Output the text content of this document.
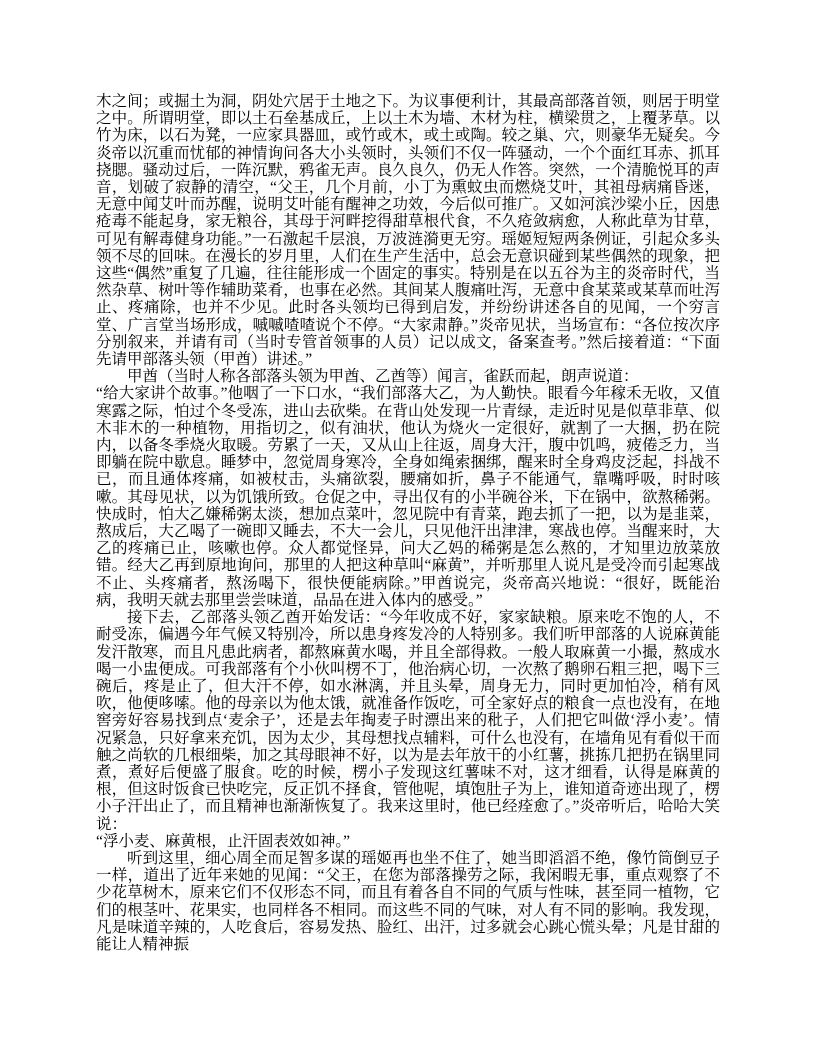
木之间；或掘土为洞，阴处穴居于土地之下。为议事便利计，其最高部落首领，则居于明堂之中。所谓明堂，即以土石垒基成丘，上以土木为墙、木材为柱，横梁贯之，上覆茅草。以竹为床，以石为凳，一应家具器皿，或竹或木，或土或陶。较之巢、穴，则豪华无疑矣。今炎帝以沉重而忧郁的神情询问各大小头领时，头领们不仅一阵骚动，一个个面红耳赤、抓耳挠腮。骚动过后，一阵沉默，鸦雀无声。良久良久，仍无人作答。突然，一个清脆悦耳的声音，划破了寂静的清空，“父王，几个月前，小丁为熏蚊虫而燃烧艾叶，其祖母病痛昏迷，无意中闻艾叶而苏醒，说明艾叶能有醒神之功效，今后似可推广。又如河滨沙梁小丘，因患疮毒不能起身，家无粮谷，其母于河畔挖得甜草根代食，不久疮敛病愈，人称此草为甘草，可见有解毒健身功能。”一石激起千层浪，万波涟漪更无穷。瑶姬短短两条例证，引起众多头领不尽的回味。在漫长的岁月里，人们在生产生活中，总会无意识碰到某些偶然的现象，把这些“偶然”重复了几遍，往往能形成一个固定的事实。特别是在以五谷为主的炎帝时代，当然杂草、树叶等作辅助菜肴，也事在必然。其间某人腹痛吐泻，无意中食某菜或某草而吐泻止、疼痛除，也并不少见。此时各头领均已得到启发，并纷纷讲述各自的见闻，一个穷言堂、广言堂当场形成，嘁嘁喳喳说个不停。“大家肃静。”炎帝见状，当场宣布：“各位按次序分别叙来，并请有司（当时专管首领事的人员）记以成文，备案查考。”然后接着道：“下面先请甲部落头领（甲酋）讲述。”

甲酋（当时人称各部落头领为甲酋、乙酋等）闻言，雀跃而起，朗声说道：

“给大家讲个故事。”他咽了一下口水，“我们部落大乙，为人勤快。眼看今年稼禾无收，又值寒露之际，怕过个冬受冻，进山去砍柴。在背山处发现一片青绿，走近时见是似草非草、似木非木的一种植物，用指切之，似有油状，他认为烧火一定很好，就割了一大捆，扔在院内，以备冬季烧火取暖。劳累了一天，又从山上往返，周身大汗，腹中饥鸣，疲倦乏力，当即躺在院中歇息。睡梦中，忽觉周身寒冷，全身如绳索捆绑，醒来时全身鸡皮泛起，抖战不已，而且通体疼痛，如被杖击，头痛欲裂，腰痛如折，鼻子不能通气，靠嘴呼吸，时时咳嗽。其母见状，以为饥饿所致。仓促之中，寻出仅有的小半碗谷米，下在锅中，欲熬稀粥。快成时，怕大乙嫌稀粥太淡，想加点菜叶，忽见院中有青菜，跑去抓了一把，以为是韭菜，熬成后，大乙喝了一碗即又睡去，不大一会儿，只见他汗出津津，寒战也停。当醒来时，大乙的疼痛已止，咳嗽也停。众人都觉怪异，问大乙妈的稀粥是怎么熬的，才知里边放菜放错。经大乙再到原地询问，那里的人把这种草叫“麻黄”，并听那里人说凡是受冷而引起寒战不止、头疼痛者，熬汤喝下，很快便能病除。”甲酋说完，炎帝高兴地说：“很好，既能治病，我明天就去那里尝尝味道，品品在进入体内的感受。”

接下去，乙部落头领乙酋开始发话：“今年收成不好，家家缺粮。原来吃不饱的人，不耐受冻，偏遇今年气候又特别冷，所以患身疼发冷的人特别多。我们听甲部落的人说麻黄能发汗散寒，而且凡患此病者，都熬麻黄水喝，并且全部得救。一般人取麻黄一小撮，熬成水喝一小盅便成。可我部落有个小伙叫楞不丁，他治病心切，一次熬了鹅卵石粗三把，喝下三碗后，疼是止了，但大汗不停，如水淋漓，并且头晕，周身无力，同时更加怕冷，稍有风吹，他便哆嗦。他的母亲以为他太饿，就准备作饭吃，可全家好点的粮食一点也没有，在地窖旁好容易找到点‘麦余子’，还是去年掏麦子时漂出来的秕子，人们把它叫做‘浮小麦’。情况紧急，只好拿来充饥，因为太少，其母想找点辅料，可什么也没有，在墙角见有看似干而触之尚软的几根细柴，加之其母眼神不好，以为是去年放干的小红薯，挑拣几把扔在锅里同煮，煮好后便盛了服食。吃的时候，楞小子发现这红薯味不对，这才细看，认得是麻黄的根，但这时饭食已快吃完，反正饥不择食，管他呢，填饱肚子为上，谁知道奇迹出现了，楞小子汗出止了，而且精神也渐渐恢复了。我来这里时，他已经痊愈了。”炎帝听后，哈哈大笑说：

“浮小麦、麻黄根，止汗固表效如神。”

听到这里，细心周全而足智多谋的瑶姬再也坐不住了，她当即滔滔不绝，像竹筒倒豆子一样，道出了近年来她的见闻：“父王，在您为部落操劳之际，我闲暇无事，重点观察了不少花草树木，原来它们不仅形态不同，而且有着各自不同的气质与性味，甚至同一植物，它们的根茎叶、花果实，也同样各不相同。而这些不同的气味，对人有不同的影响。我发现，凡是味道辛辣的，人吃食后，容易发热、脸红、出汗，过多就会心跳心慌头晕；凡是甘甜的能让人精神振
